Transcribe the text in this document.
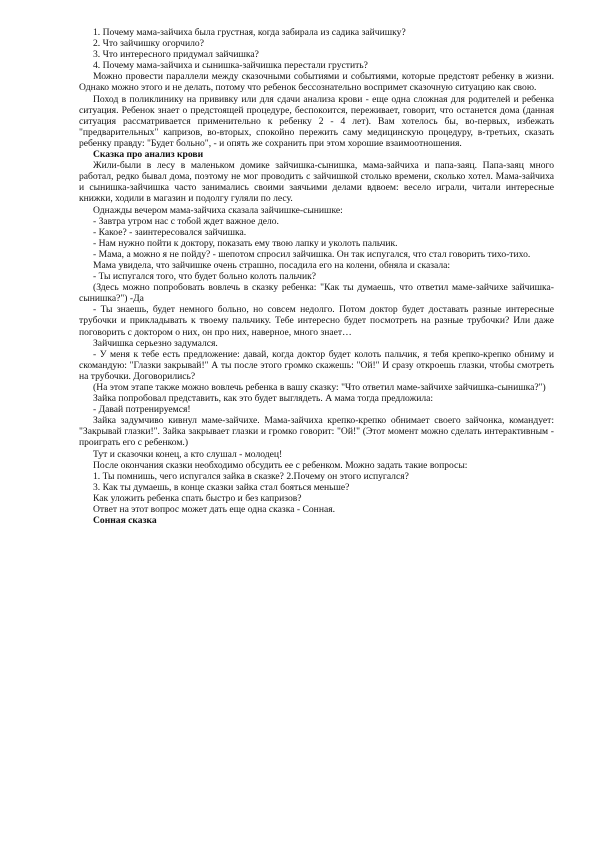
1. Почему мама-зайчиха была грустная, когда забирала из садика зайчишку?

2. Что зайчишку огорчило?

3. Что интересного придумал зайчишка?

4. Почему мама-зайчиха и сынишка-зайчишка перестали грустить?

Можно провести параллели между сказочными событиями и событиями, которые предстоят ребенку в жизни. Однако можно этого и не делать, потому что ребенок бессознательно воспримет сказочную ситуацию как свою.

Поход в поликлинику на прививку или для сдачи анализа крови - еще одна сложная для родителей и ребенка ситуация. Ребенок знает о предстоящей процедуре, беспокоится, переживает, говорит, что останется дома (данная ситуация рассматривается применительно к ребенку 2 - 4 лет). Вам хотелось бы, во-первых, избежать "предварительных" капризов, во-вторых, спокойно пережить саму медицинскую процедуру, в-третьих, сказать ребенку правду: "Будет больно", - и опять же сохранить при этом хорошие взаимоотношения.

Сказка про анализ крови

Жили-были в лесу в маленьком домике зайчишка-сынишка, мама-зайчиха и папа-заяц. Папа-заяц много работал, редко бывал дома, поэтому не мог проводить с зайчишкой столько времени, сколько хотел. Мама-зайчиха и сынишка-зайчишка часто занимались своими заячьими делами вдвоем: весело играли, читали интересные книжки, ходили в магазин и подолгу гуляли по лесу.

Однажды вечером мама-зайчиха сказала зайчишке-сынишке:

- Завтра утром нас с тобой ждет важное дело.

- Какое? - заинтересовался зайчишка.

- Нам нужно пойти к доктору, показать ему твою лапку и уколоть пальчик.

- Мама, а можно я не пойду? - шепотом спросил зайчишка. Он так испугался, что стал говорить тихо-тихо.

Мама увидела, что зайчишке очень страшно, посадила его на колени, обняла и сказала:

- Ты испугался того, что будет больно колоть пальчик?

(Здесь можно попробовать вовлечь в сказку ребенка: "Как ты думаешь, что ответил маме-зайчихе зайчишка-сынишка?") -Да

- Ты знаешь, будет немного больно, но совсем недолго. Потом доктор будет доставать разные интересные трубочки и прикладывать к твоему пальчику. Тебе интересно будет посмотреть на разные трубочки? Или даже поговорить с доктором о них, он про них, наверное, много знает…

Зайчишка серьезно задумался.

- У меня к тебе есть предложение: давай, когда доктор будет колоть пальчик, я тебя крепко-крепко обниму и скомандую: "Глазки закрывай!" А ты после этого громко скажешь: "Ой!" И сразу откроешь глазки, чтобы смотреть на трубочки. Договорились?

(На этом этапе также можно вовлечь ребенка в вашу сказку: "Что ответил маме-зайчихе зайчишка-сынишка?")

Зайка попробовал представить, как это будет выглядеть. А мама тогда предложила:

- Давай потренируемся!

Зайка задумчиво кивнул маме-зайчихе. Мама-зайчиха крепко-крепко обнимает своего зайчонка, командует: "Закрывай глазки!". Зайка закрывает глазки и громко говорит: "Ой!" (Этот момент можно сделать интерактивным - проиграть его с ребенком.)

Тут и сказочки конец, а кто слушал - молодец!

После окончания сказки необходимо обсудить ее с ребенком. Можно задать такие вопросы:

1. Ты помнишь, чего испугался зайка в сказке? 2.Почему он этого испугался?

3. Как ты думаешь, в конце сказки зайка стал бояться меньше?

Как уложить ребенка спать быстро и без капризов?

Ответ на этот вопрос может дать еще одна сказка - Сонная.

Сонная сказка
